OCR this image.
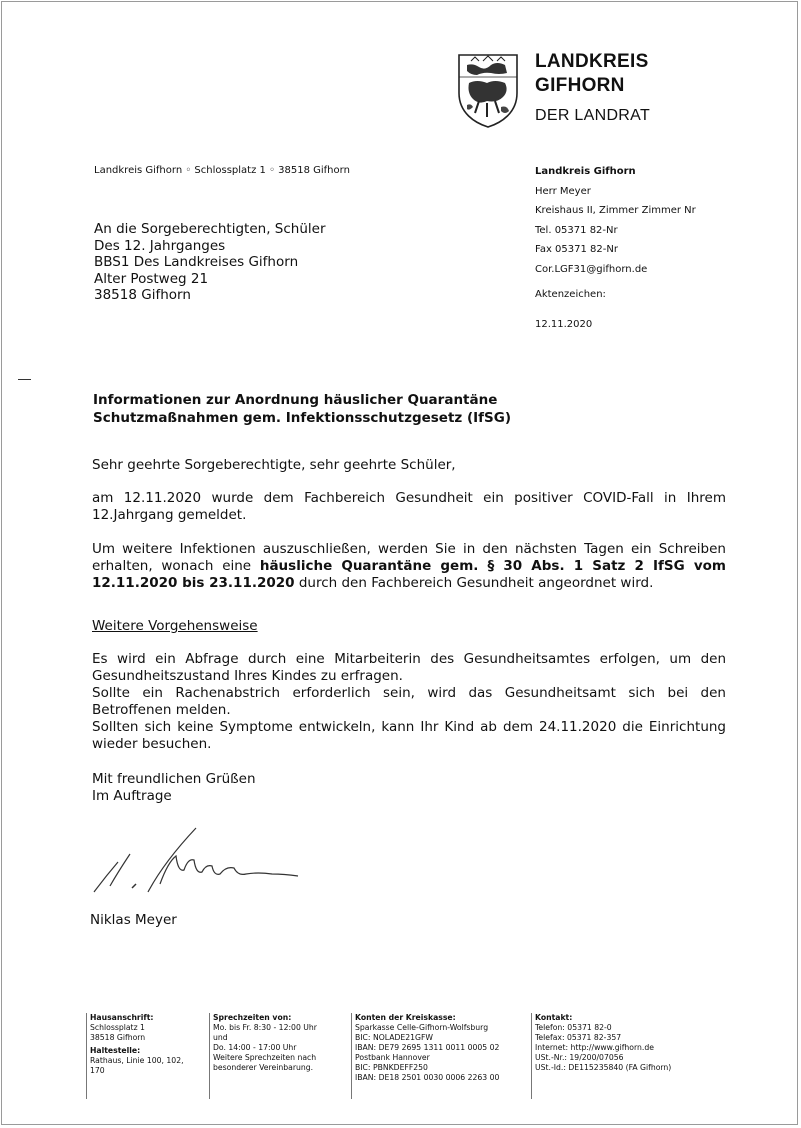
LANDKREIS
GIFHORN
DER LANDRAT
Landkreis Gifhorn ◦ Schlossplatz 1 ◦ 38518 Gifhorn	Landkreis Gifhorn
Herr Meyer
Kreishaus II, Zimmer Zimmer Nr
Tel. 05371 82-Nr
Fax 05371 82-Nr
Cor.LGF31@gifhorn.de
Aktenzeichen:
12.11.2020
An die Sorgeberechtigten, Schüler
Des 12. Jahrganges
BBS1 Des Landkreises Gifhorn
Alter Postweg 21
38518 Gifhorn
Informationen zur Anordnung häuslicher Quarantäne
Schutzmaßnahmen gem. Infektionsschutzgesetz (IfSG)

Sehr geehrte Sorgeberechtigte, sehr geehrte Schüler,

am 12.11.2020 wurde dem Fachbereich Gesundheit ein positiver COVID-Fall in Ihrem 12.Jahrgang gemeldet.

Um weitere Infektionen auszuschließen, werden Sie in den nächsten Tagen ein Schreiben erhalten, wonach eine häusliche Quarantäne gem. § 30 Abs. 1 Satz 2 IfSG vom 12.11.2020 bis 23.11.2020 durch den Fachbereich Gesundheit angeordnet wird.

Weitere Vorgehensweise

Es wird ein Abfrage durch eine Mitarbeiterin des Gesundheitsamtes erfolgen, um den Gesundheitszustand Ihres Kindes zu erfragen.

Sollte ein Rachenabstrich erforderlich sein, wird das Gesundheitsamt sich bei den Betroffenen melden.

Sollten sich keine Symptome entwickeln, kann Ihr Kind ab dem 24.11.2020 die Einrichtung wieder besuchen.

Mit freundlichen Grüßen

Im Auftrage

Niklas Meyer
Hausanschrift:
Schlossplatz 1
38518 Gifhorn
Haltestelle:
Rathaus, Linie 100, 102,
170
Sprechzeiten von:
Mo. bis Fr. 8:30 - 12:00 Uhr
und
Do. 14:00 - 17:00 Uhr
Weitere Sprechzeiten nach
besonderer Vereinbarung.
Konten der Kreiskasse:
Sparkasse Celle-Gifhorn-Wolfsburg
BIC: NOLADE21GFW
IBAN: DE79 2695 1311 0011 0005 02
Postbank Hannover
BIC: PBNKDEFF250
IBAN: DE18 2501 0030 0006 2263 00
Kontakt:
Telefon: 05371 82-0
Telefax: 05371 82-357
Internet: http://www.gifhorn.de
USt.-Nr.: 19/200/07056
USt.-Id.: DE115235840 (FA Gifhorn)
